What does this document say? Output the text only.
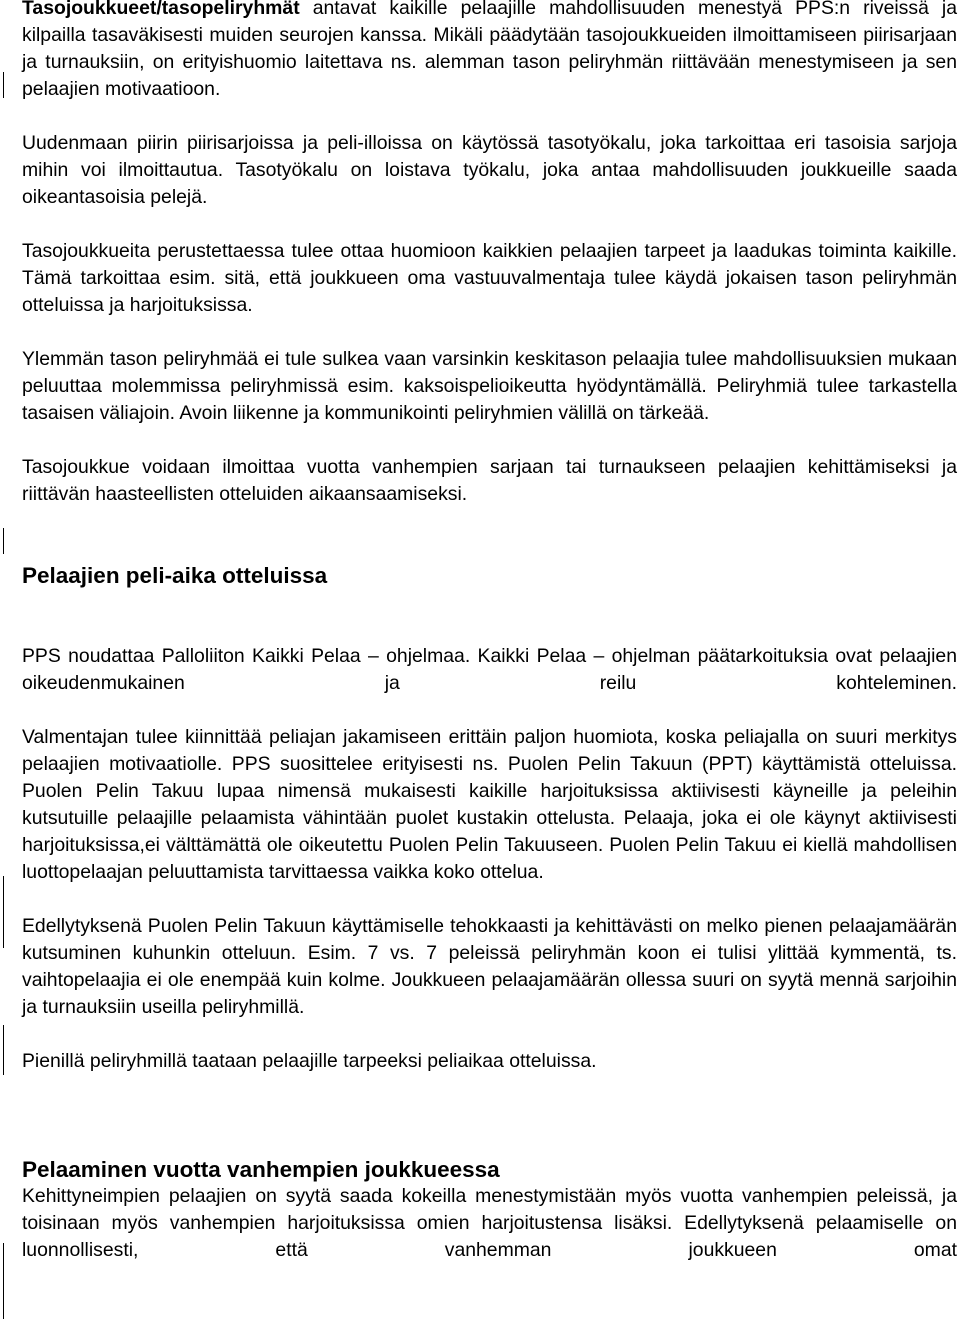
Tasojoukkueet/tasopeliryhmät antavat kaikille pelaajille mahdollisuuden menestyä PPS:n riveissä ja kilpailla tasaväkisesti muiden seurojen kanssa. Mikäli päädytään tasojoukkueiden ilmoittamiseen piirisarjaan ja turnauksiin, on erityishuomio laitettava ns. alemman tason peliryhmän riittävään menestymiseen ja sen pelaajien motivaatioon.

Uudenmaan piirin piirisarjoissa ja peli-illoissa on käytössä tasotyökalu, joka tarkoittaa eri tasoisia sarjoja mihin voi ilmoittautua. Tasotyökalu on loistava työkalu, joka antaa mahdollisuuden joukkueille saada oikeantasoisia pelejä.

Tasojoukkueita perustettaessa tulee ottaa huomioon kaikkien pelaajien tarpeet ja laadukas toiminta kaikille. Tämä tarkoittaa esim. sitä, että joukkueen oma vastuuvalmentaja tulee käydä jokaisen tason peliryhmän otteluissa ja harjoituksissa.

Ylemmän tason peliryhmää ei tule sulkea vaan varsinkin keskitason pelaajia tulee mahdollisuuksien mukaan peluuttaa molemmissa peliryhmissä esim. kaksoispelioikeutta hyödyntämällä. Peliryhmiä tulee tarkastella tasaisen väliajoin. Avoin liikenne ja kommunikointi peliryhmien välillä on tärkeää.

Tasojoukkue voidaan ilmoittaa vuotta vanhempien sarjaan tai turnaukseen pelaajien kehittämiseksi ja riittävän haasteellisten otteluiden aikaansaamiseksi.

Pelaajien peli-aika otteluissa

PPS noudattaa Palloliiton Kaikki Pelaa – ohjelmaa. Kaikki Pelaa – ohjelman päätarkoituksia ovat pelaajien oikeudenmukainen ja reilu kohteleminen.

Valmentajan tulee kiinnittää peliajan jakamiseen erittäin paljon huomiota, koska peliajalla on suuri merkitys pelaajien motivaatiolle. PPS suosittelee erityisesti ns. Puolen Pelin Takuun (PPT) käyttämistä otteluissa. Puolen Pelin Takuu lupaa nimensä mukaisesti kaikille harjoituksissa aktiivisesti käyneille ja peleihin kutsutuille pelaajille pelaamista vähintään puolet kustakin ottelusta. Pelaaja, joka ei ole käynyt aktiivisesti harjoituksissa,ei välttämättä ole oikeutettu Puolen Pelin Takuuseen. Puolen Pelin Takuu ei kiellä mahdollisen luottopelaajan peluuttamista tarvittaessa vaikka koko ottelua.

Edellytyksenä Puolen Pelin Takuun käyttämiselle tehokkaasti ja kehittävästi on melko pienen pelaajamäärän kutsuminen kuhunkin otteluun. Esim. 7 vs. 7 peleissä peliryhmän koon ei tulisi ylittää kymmentä, ts. vaihtopelaajia ei ole enempää kuin kolme. Joukkueen pelaajamäärän ollessa suuri on syytä mennä sarjoihin ja turnauksiin useilla peliryhmillä.

Pienillä peliryhmillä taataan pelaajille tarpeeksi peliaikaa otteluissa.

Pelaaminen vuotta vanhempien joukkueessa

Kehittyneimpien pelaajien on syytä saada kokeilla menestymistään myös vuotta vanhempien peleissä, ja toisinaan myös vanhempien harjoituksissa omien harjoitustensa lisäksi. Edellytyksenä pelaamiselle on luonnollisesti, että vanhemman joukkueen omat
